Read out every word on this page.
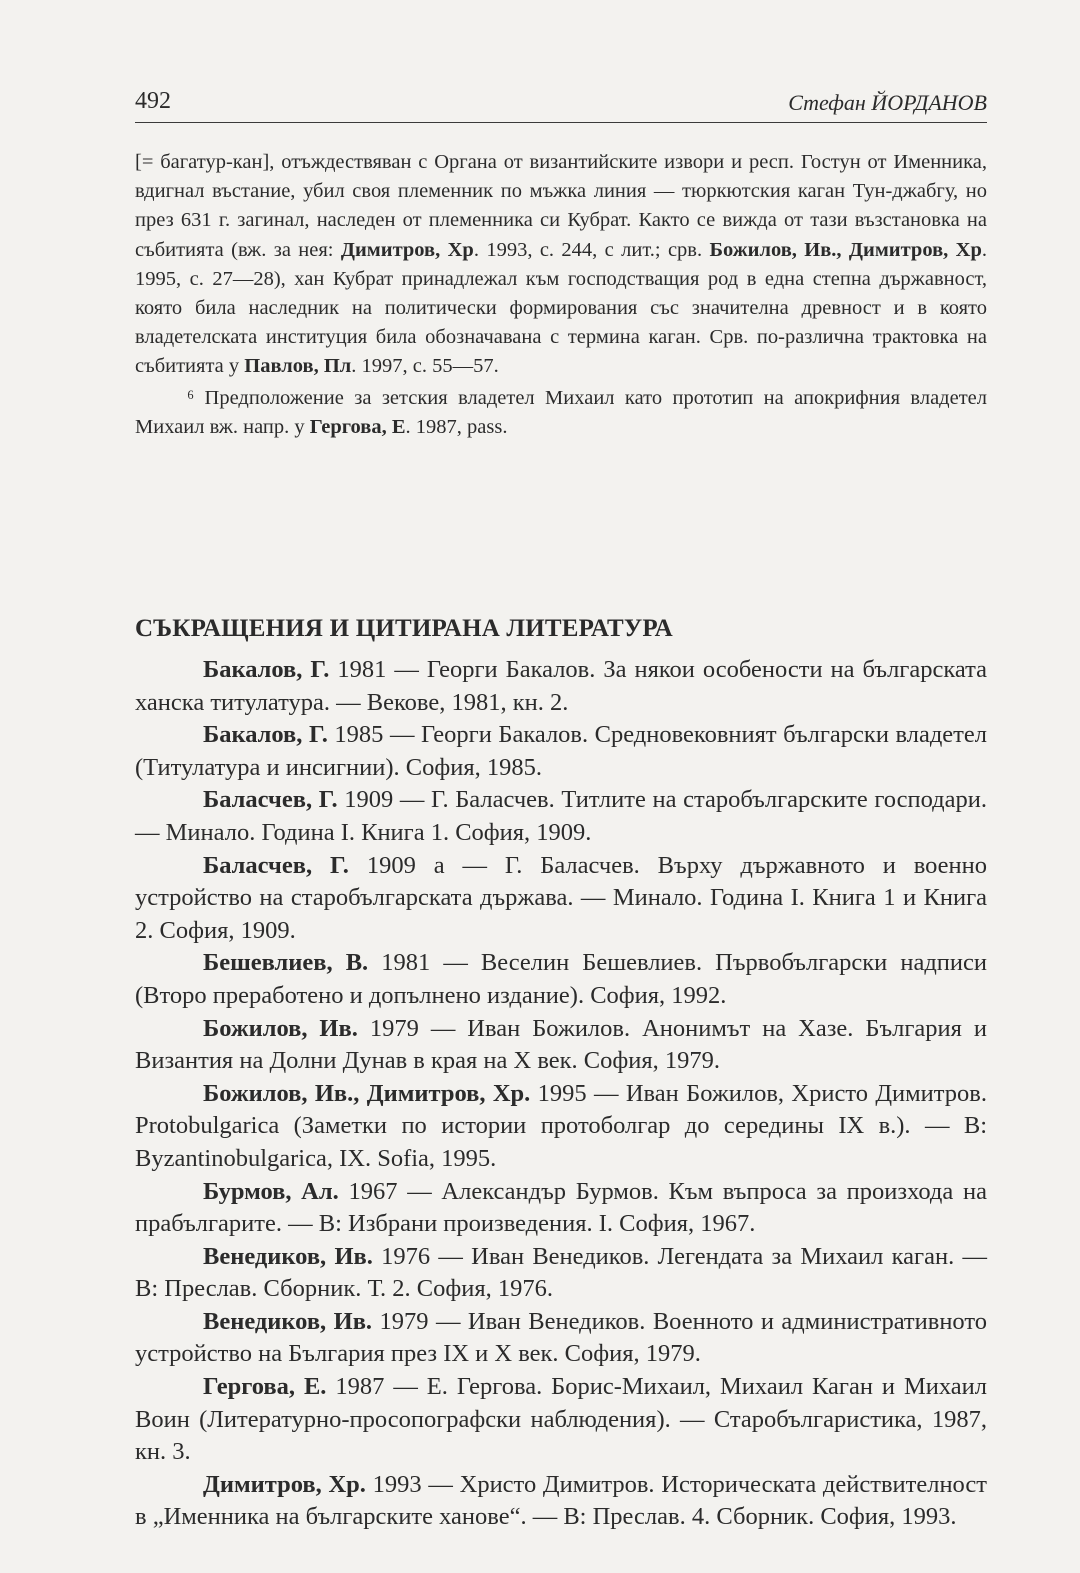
492	Стефан ЙОРДАНОВ

[= багатур-кан], отъждествяван с Органа от византийските извори и респ. Гостун от Именника, вдигнал въстание, убил своя племенник по мъжка линия — тюркютския каган Тун-джабгу, но през 631 г. загинал, наследен от племенника си Кубрат. Както се вижда от тази възстановка на събитията (вж. за нея: Димитров, Хр. 1993, с. 244, с лит.; срв. Божилов, Ив., Димитров, Хр. 1995, с. 27—28), хан Кубрат принадлежал към господстващия род в една степна държавност, която била наследник на политически формирования със значителна древност и в която владетелската институция била обозначавана с термина каган. Срв. по-различна трактовка на събитията у Павлов, Пл. 1997, с. 55—57.

⁶ Предположение за зетския владетел Михаил като прототип на апокрифния владетел Михаил вж. напр. у Гергова, Е. 1987, pass.

СЪКРАЩЕНИЯ И ЦИТИРАНА ЛИТЕРАТУРА

Бакалов, Г. 1981 — Георги Бакалов. За някои особености на българската ханска титулатура. — Векове, 1981, кн. 2.

Бакалов, Г. 1985 — Георги Бакалов. Средновековният български владетел (Титулатура и инсигнии). София, 1985.

Баласчев, Г. 1909 — Г. Баласчев. Титлите на старобългарските господари. — Минало. Година I. Книга 1. София, 1909.

Баласчев, Г. 1909 а — Г. Баласчев. Върху държавното и военно устройство на старобългарската държава. — Минало. Година I. Книга 1 и Книга 2. София, 1909.

Бешевлиев, В. 1981 — Веселин Бешевлиев. Първобългарски надписи (Второ преработено и допълнено издание). София, 1992.

Божилов, Ив. 1979 — Иван Божилов. Анонимът на Хазе. България и Византия на Долни Дунав в края на X век. София, 1979.

Божилов, Ив., Димитров, Хр. 1995 — Иван Божилов, Христо Димитров. Protobulgarica (Заметки по истории протоболгар до середины IX в.). — В: Byzantinobulgarica, IX. Sofia, 1995.

Бурмов, Ал. 1967 — Александър Бурмов. Към въпроса за произхода на прабългарите. — В: Избрани произведения. I. София, 1967.

Венедиков, Ив. 1976 — Иван Венедиков. Легендата за Михаил каган. — В: Преслав. Сборник. Т. 2. София, 1976.

Венедиков, Ив. 1979 — Иван Венедиков. Военното и административното устройство на България през IX и X век. София, 1979.

Гергова, Е. 1987 — Е. Гергова. Борис-Михаил, Михаил Каган и Михаил Воин (Литературно-просопографски наблюдения). — Старобългаристика, 1987, кн. 3.

Димитров, Хр. 1993 — Христо Димитров. Историческата действителност в „Именника на българските ханове“. — В: Преслав. 4. Сборник. София, 1993.
